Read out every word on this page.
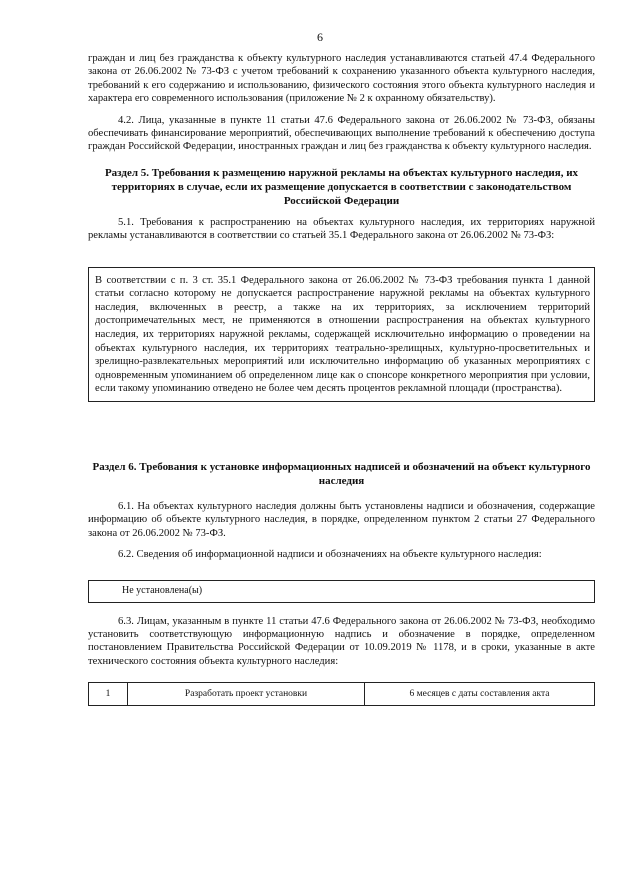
6

граждан и лиц без гражданства к объекту культурного наследия устанавливаются статьей 47.4 Федерального закона от 26.06.2002 № 73-ФЗ с учетом требований к сохранению указанного объекта культурного наследия, требований к его содержанию и использованию, физического состояния этого объекта культурного наследия и характера его современного использования (приложение № 2 к охранному обязательству).

4.2. Лица, указанные в пункте 11 статьи 47.6 Федерального закона от 26.06.2002 № 73-ФЗ, обязаны обеспечивать финансирование мероприятий, обеспечивающих выполнение требований к обеспечению доступа граждан Российской Федерации, иностранных граждан и лиц без гражданства к объекту культурного наследия.

Раздел 5. Требования к размещению наружной рекламы на объектах культурного наследия, их территориях в случае, если их размещение допускается в соответствии с законодательством Российской Федерации

5.1. Требования к распространению на объектах культурного наследия, их территориях наружной рекламы устанавливаются в соответствии со статьей 35.1 Федерального закона от 26.06.2002 № 73-ФЗ:

В соответствии с п. 3 ст. 35.1 Федерального закона от 26.06.2002 № 73-ФЗ требования пункта 1 данной статьи согласно которому не допускается распространение наружной рекламы на объектах культурного наследия, включенных в реестр, а также на их территориях, за исключением территорий достопримечательных мест, не применяются в отношении распространения на объектах культурного наследия, их территориях наружной рекламы, содержащей исключительно информацию о проведении на объектах культурного наследия, их территориях театрально-зрелищных, культурно-просветительных и зрелищно-развлекательных мероприятий или исключительно информацию об указанных мероприятиях с одновременным упоминанием об определенном лице как о спонсоре конкретного мероприятия при условии, если такому упоминанию отведено не более чем десять процентов рекламной площади (пространства).

Раздел 6. Требования к установке информационных надписей и обозначений на объект культурного наследия

6.1. На объектах культурного наследия должны быть установлены надписи и обозначения, содержащие информацию об объекте культурного наследия, в порядке, определенном пунктом 2 статьи 27 Федерального закона от 26.06.2002 № 73-ФЗ.

6.2. Сведения об информационной надписи и обозначениях на объекте культурного наследия:

Не установлена(ы)

6.3. Лицам, указанным в пункте 11 статьи 47.6 Федерального закона от 26.06.2002 № 73-ФЗ, необходимо установить соответствующую информационную надпись и обозначение в порядке, определенном постановлением Правительства Российской Федерации от 10.09.2019 № 1178, и в сроки, указанные в акте технического состояния объекта культурного наследия:

1	Разработать проект установки	6 месяцев с даты составления акта
